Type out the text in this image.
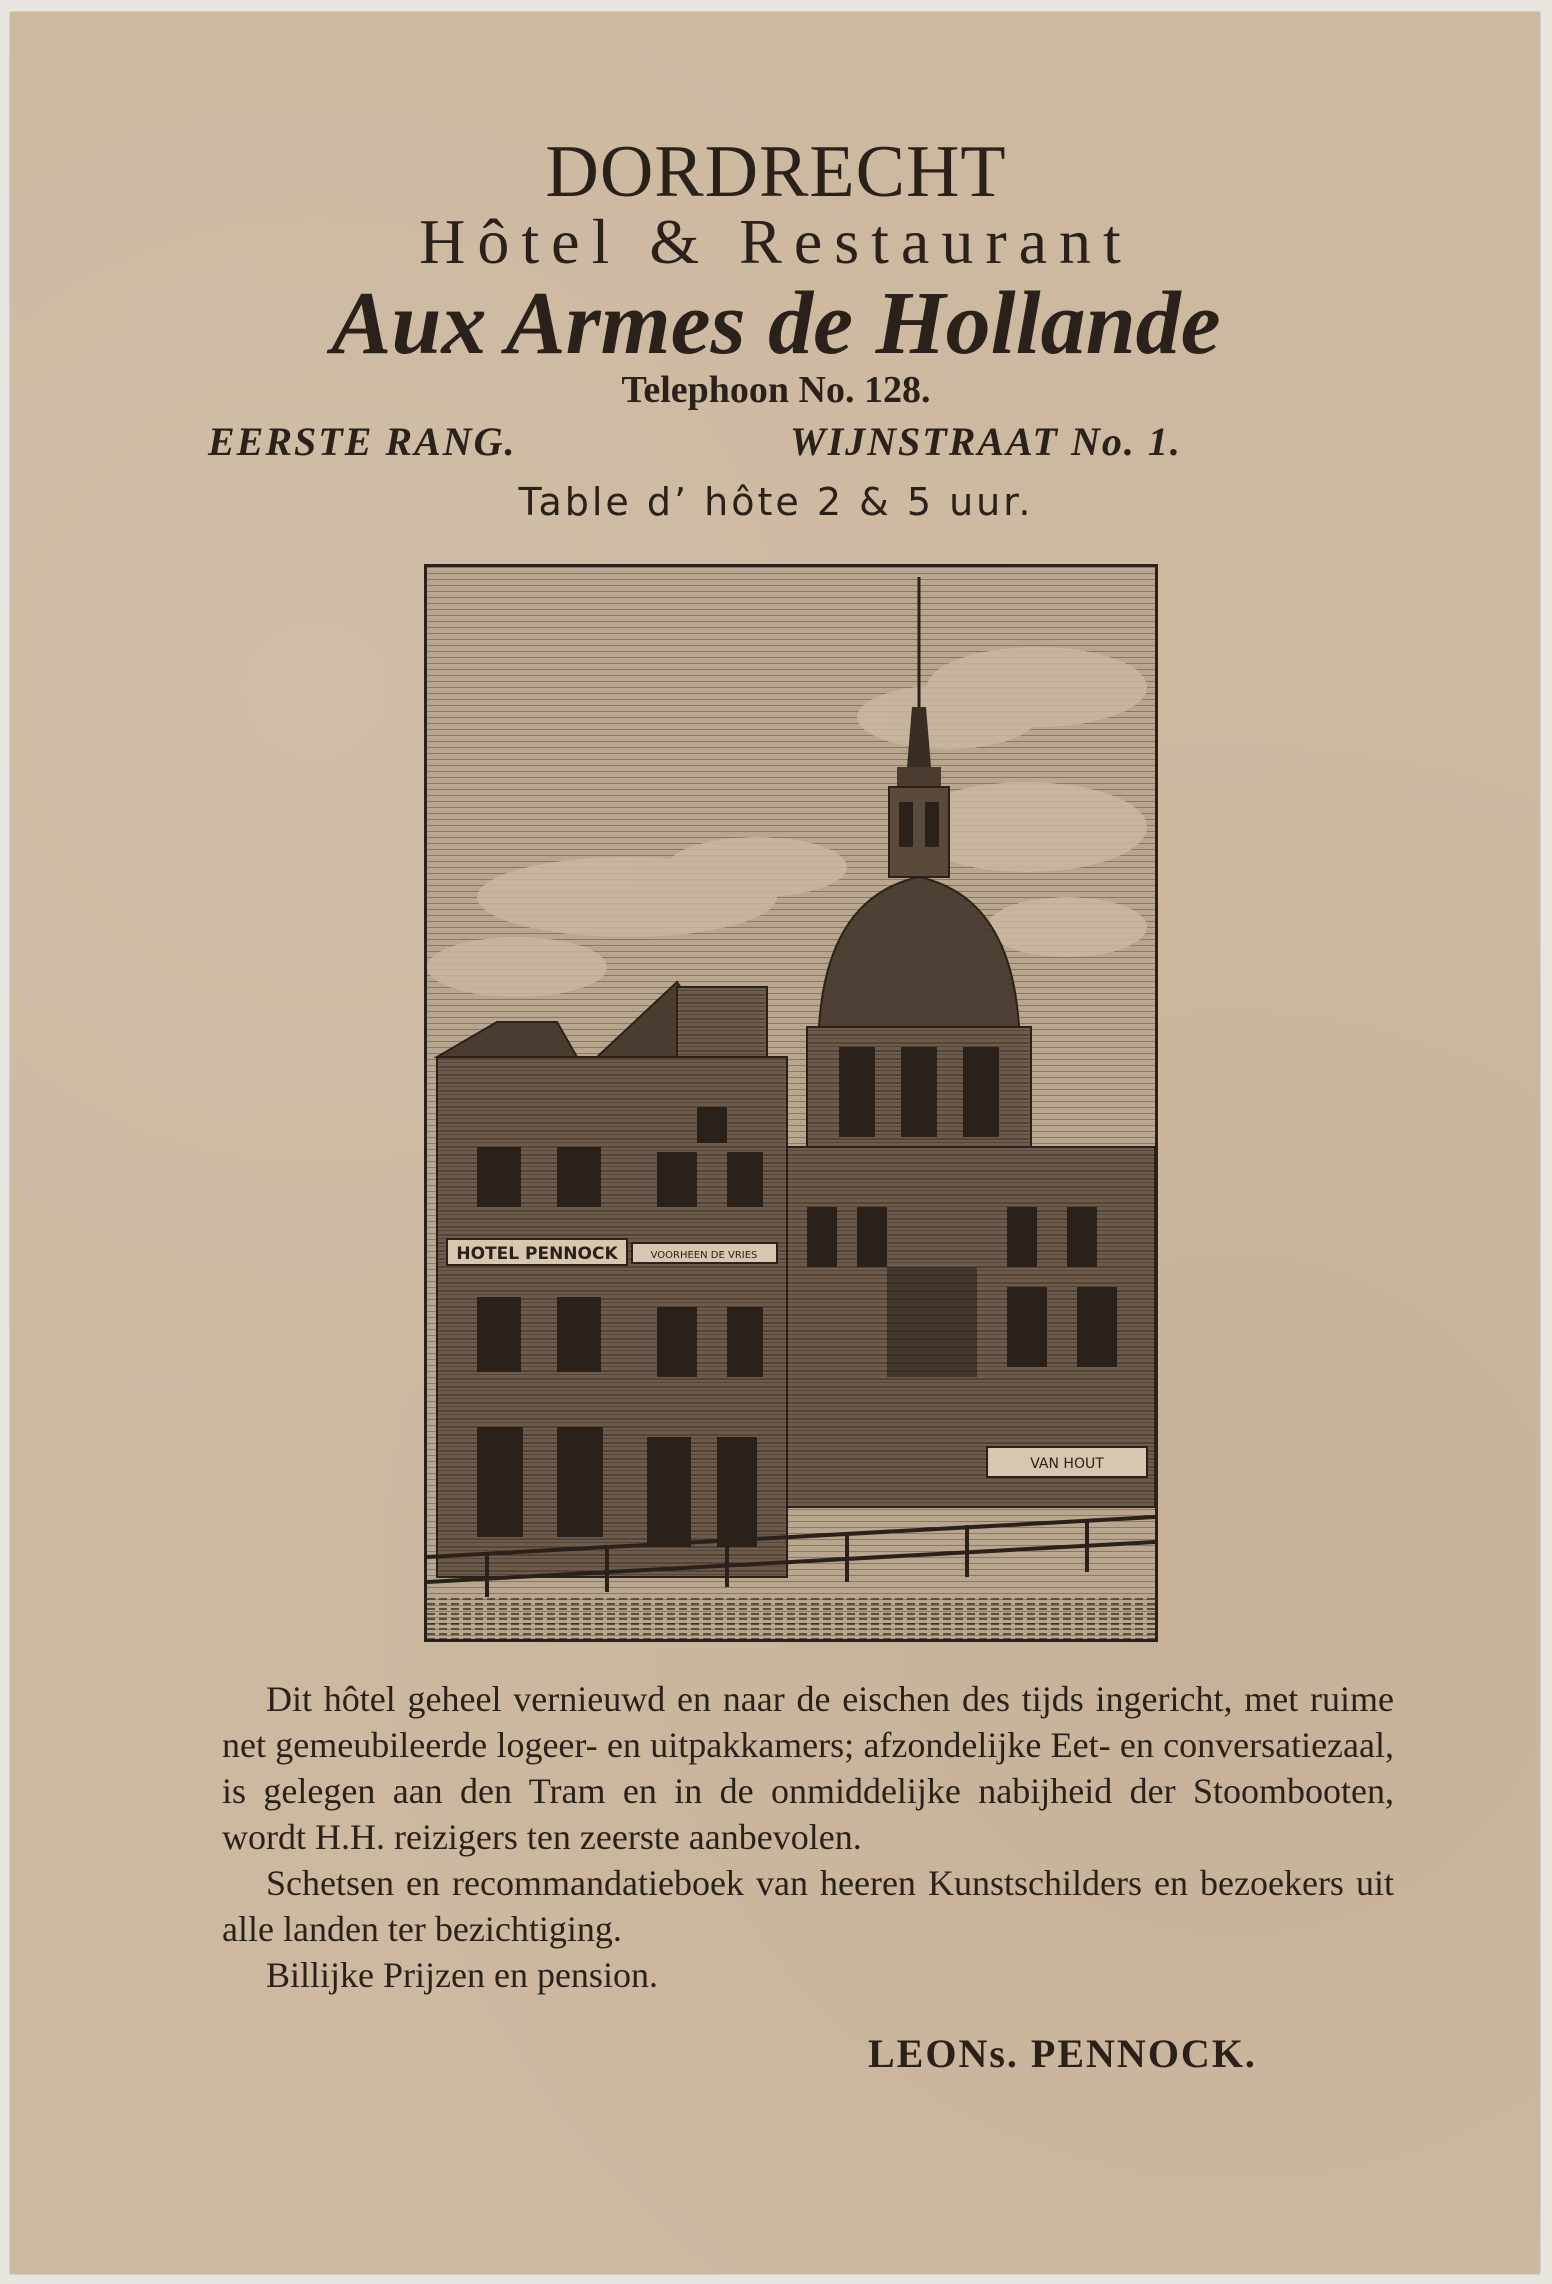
DORDRECHT
Hôtel & Restaurant
Aux Armes de Hollande
Telephoon No. 128.
EERSTE RANG.	WIJNSTRAAT No. 1.
Table d’ hôte 2 & 5 uur.
VAN HOUT
HOTEL PENNOCK	VOORHEEN DE VRIES

Dit hôtel geheel vernieuwd en naar de eischen des tijds ingericht, met ruime net gemeubileerde logeer- en uitpakkamers; afzondelijke Eet- en conversatiezaal, is gelegen aan den Tram en in de onmiddelijke nabijheid der Stoombooten, wordt H.H. reizigers ten zeerste aanbevolen.

Schetsen en recommandatieboek van heeren Kunstschilders en bezoekers uit alle landen ter bezichtiging.

Billijke Prijzen en pension.

LEONs. PENNOCK.
